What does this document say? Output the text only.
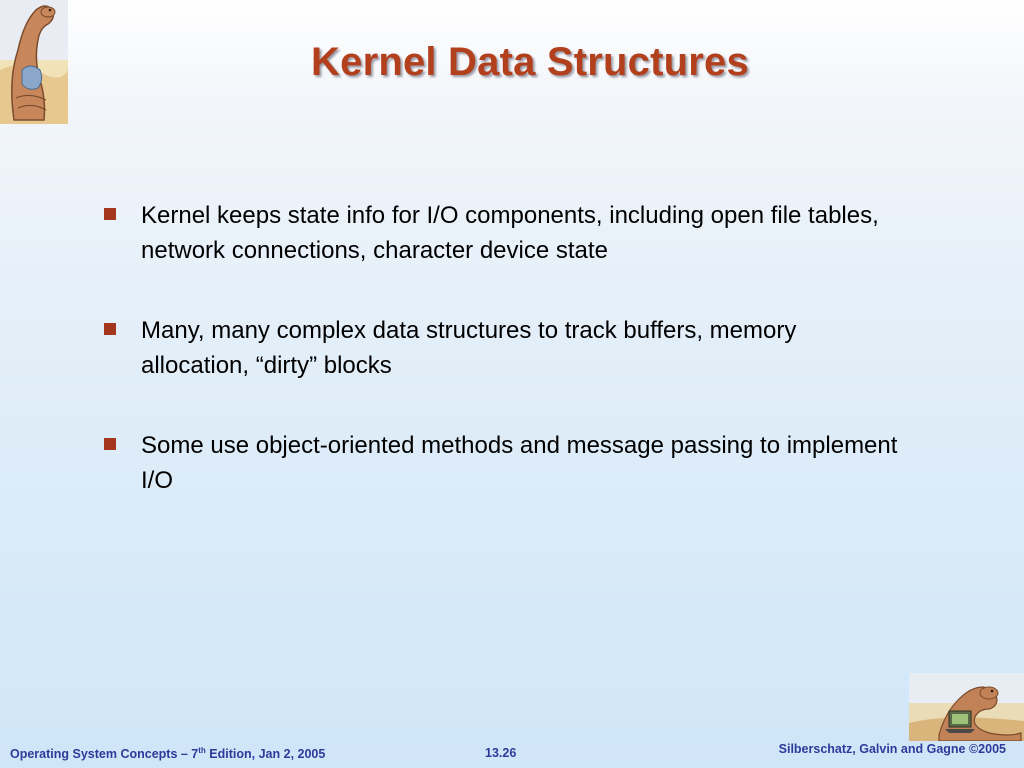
Kernel Data Structures
Kernel keeps state info for I/O components, including open file tables, network connections, character device state
Many, many complex data structures to track buffers, memory allocation, “dirty” blocks
Some use object-oriented methods and message passing to implement I/O
Operating System Concepts – 7th Edition, Jan 2, 2005	13.26	Silberschatz, Galvin and Gagne ©2005
